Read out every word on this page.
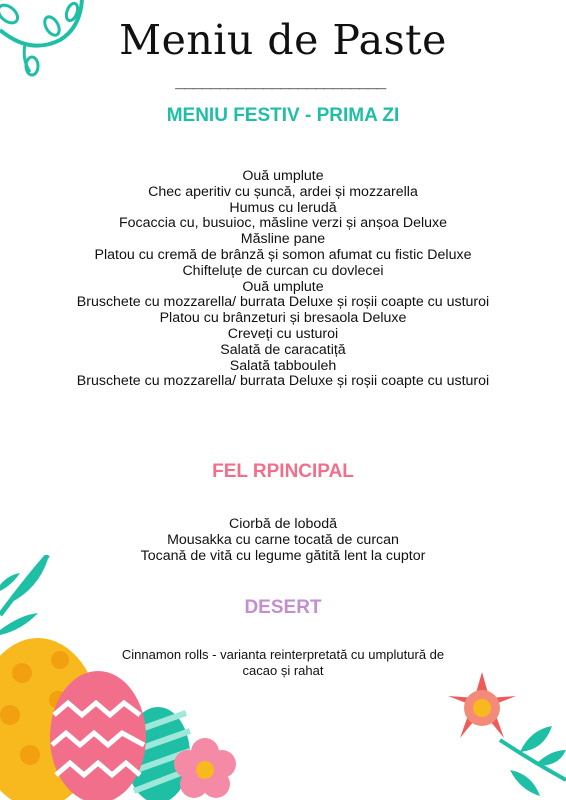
Meniu de Paste
________________________
MENIU FESTIV - PRIMA ZI
Ouă umplute
Chec aperitiv cu șuncă, ardei și mozzarella
Humus cu lerudă
Focaccia cu, busuioc, măsline verzi și anșoa Deluxe
Măsline pane
Platou cu cremă de brânză și somon afumat cu fistic Deluxe
Chifteluțe de curcan cu dovlecei
Ouă umplute
Bruschete cu mozzarella/ burrata Deluxe și roșii coapte cu usturoi
Platou cu brânzeturi și bresaola Deluxe
Creveți cu usturoi
Salată de caracatiță
Salată tabbouleh
Bruschete cu mozzarella/ burrata Deluxe și roșii coapte cu usturoi
FEL RPINCIPAL
Ciorbă de lobodă
Mousakka cu carne tocată de curcan
Tocană de vită cu legume gătită lent la cuptor
DESERT
Cinnamon rolls - varianta reinterpretată cu umplutură de cacao și rahat
